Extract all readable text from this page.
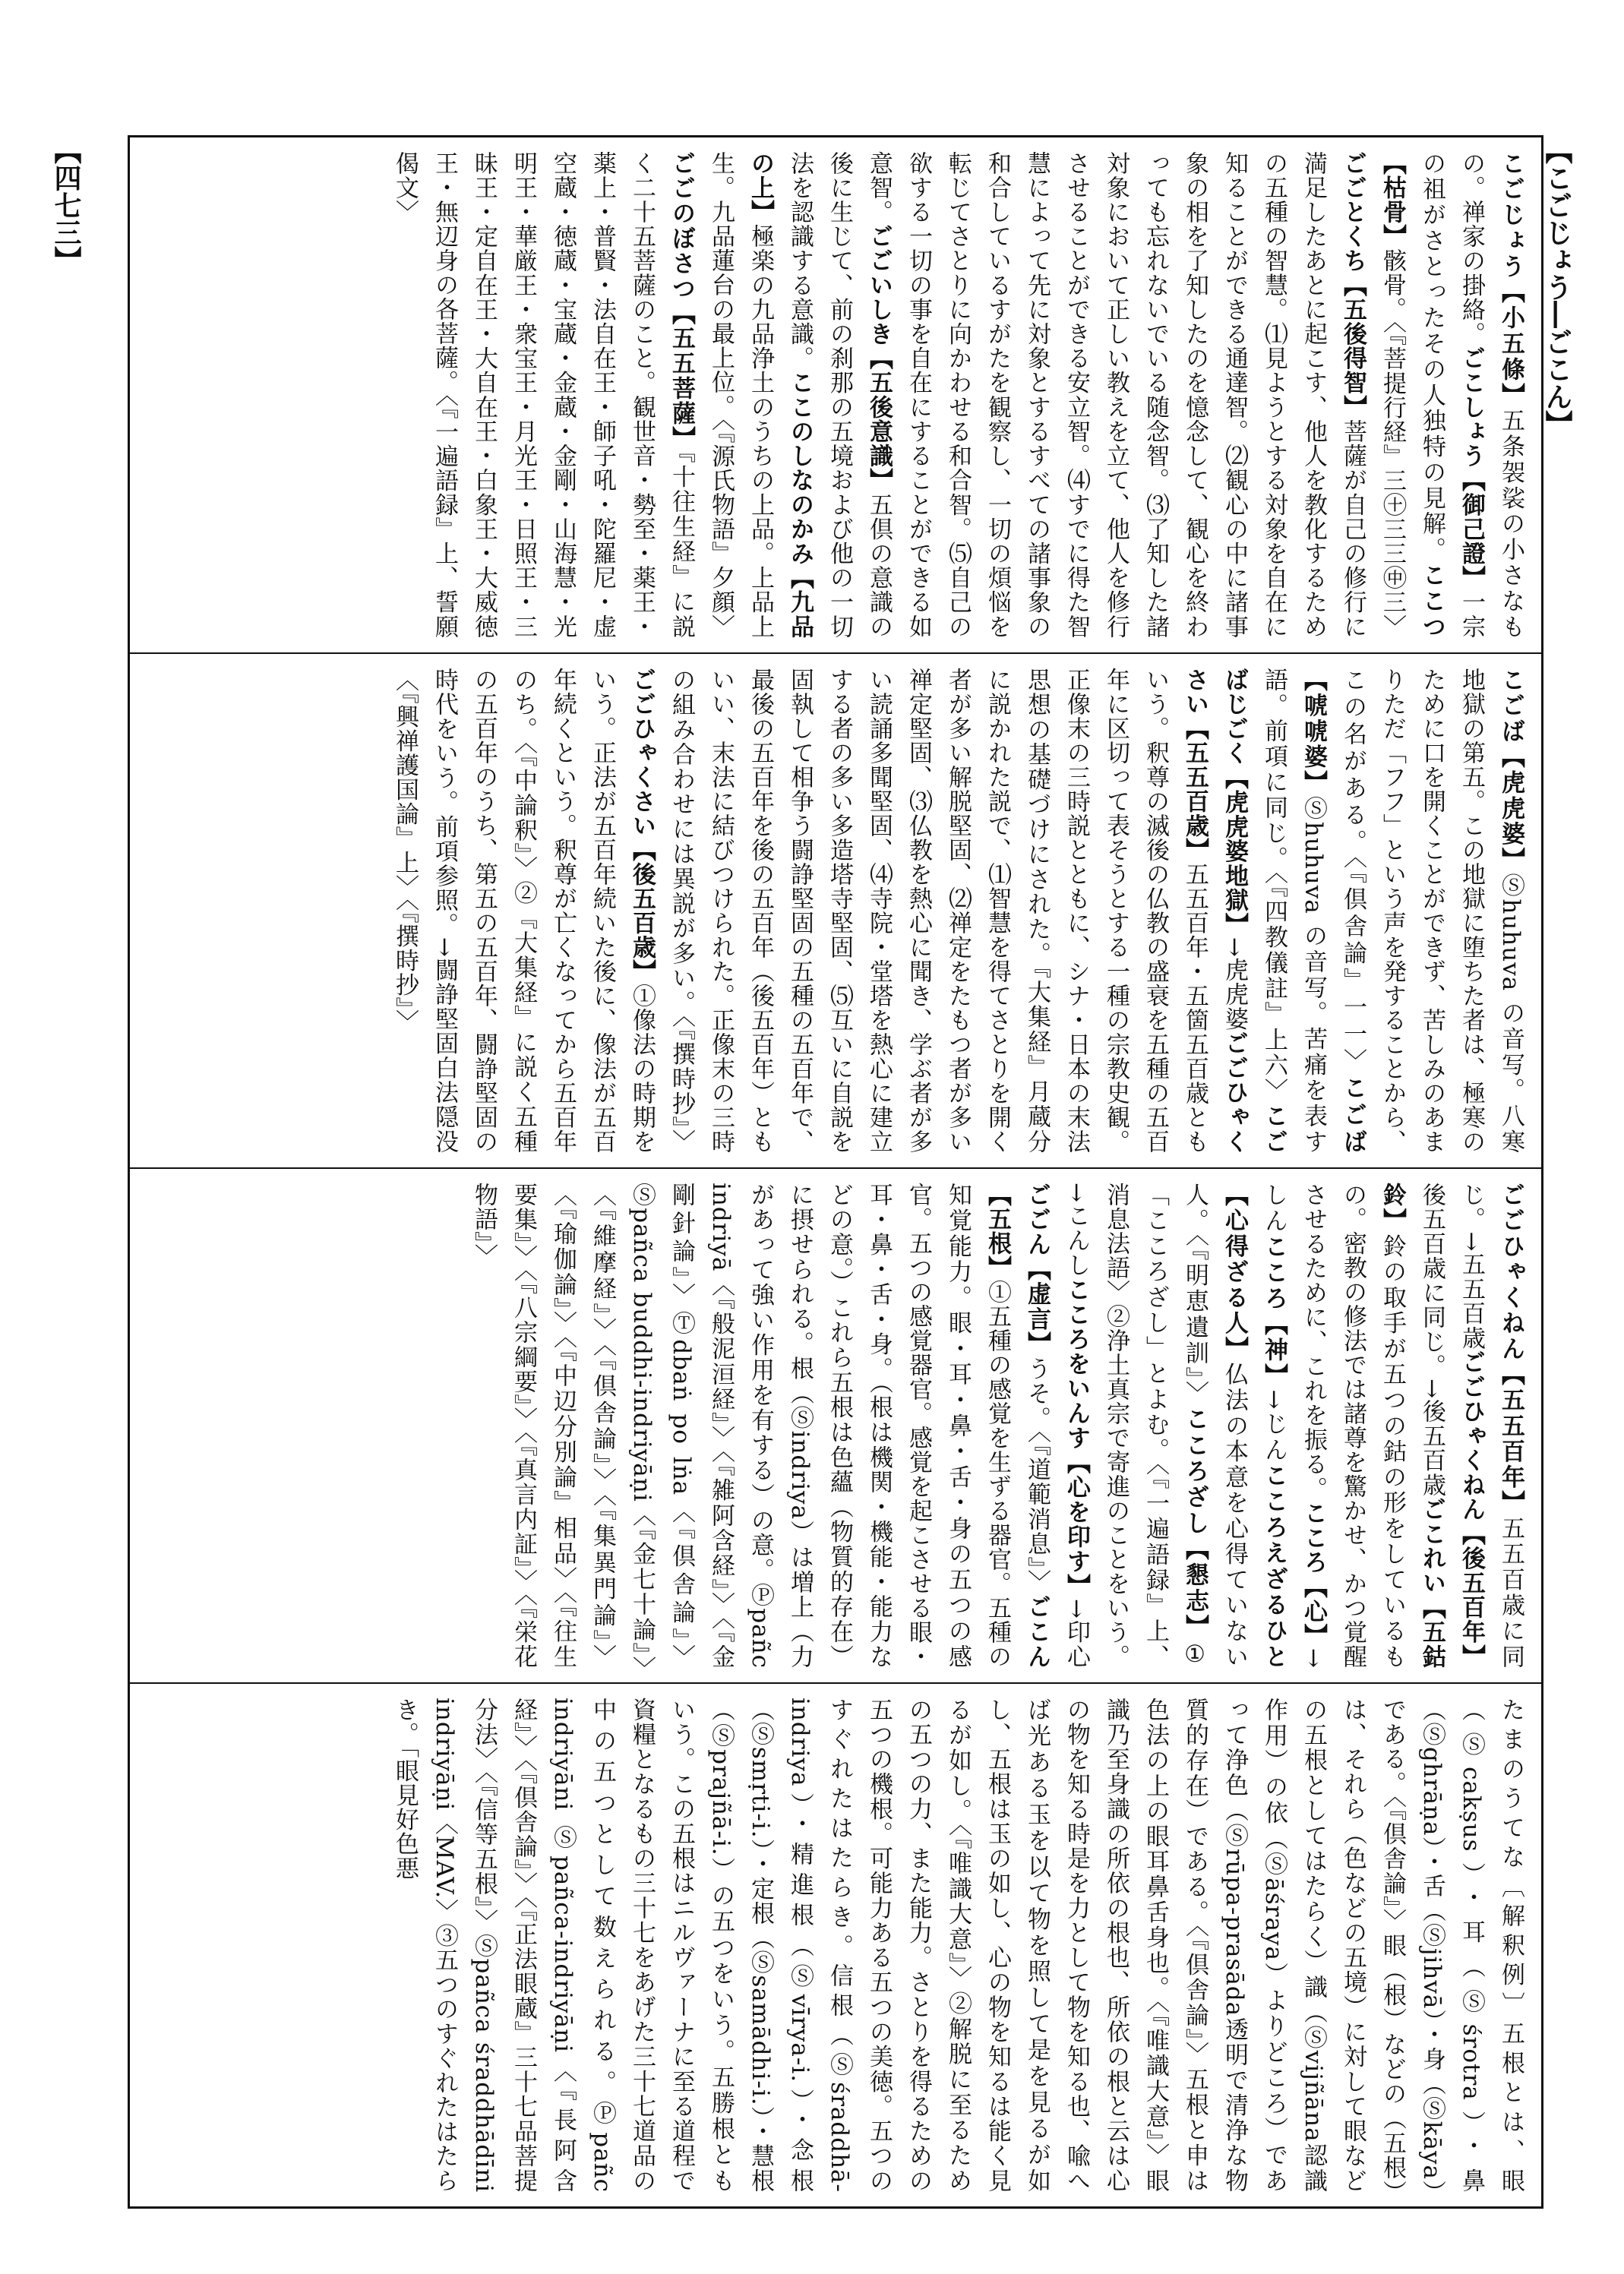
【こごじょう―ごこん】
【四七三】	こごじょう【小五條】五条袈裟の小さなもの。禅家の掛絡。ごこしょう【御己證】一宗の祖がさとったその人独特の見解。ここつ【枯骨】骸骨。〈『菩提行経』三㊉三三㊥三〉ごごとくち【五後得智】菩薩が自己の修行に満足したあとに起こす、他人を教化するための五種の智慧。⑴見ようとする対象を自在に知ることができる通達智。⑵観心の中に諸事象の相を了知したのを憶念して、観心を終わっても忘れないでいる随念智。⑶了知した諸対象において正しい教えを立て、他人を修行させることができる安立智。⑷すでに得た智慧によって先に対象とするすべての諸事象の和合しているすがたを観察し、一切の煩悩を転じてさとりに向かわせる和合智。⑸自己の欲する一切の事を自在にすることができる如意智。ごごいしき【五後意識】五倶の意識の後に生じて、前の刹那の五境および他の一切法を認識する意識。ここのしなのかみ【九品の上】極楽の九品浄土のうちの上品。上品上生。九品蓮台の最上位。〈『源氏物語』夕顔〉ごごのぼさつ【五五菩薩】『十往生経』に説く二十五菩薩のこと。観世音・勢至・薬王・薬上・普賢・法自在王・師子吼・陀羅尼・虚空蔵・徳蔵・宝蔵・金蔵・金剛・山海慧・光明王・華厳王・衆宝王・月光王・日照王・三昧王・定自在王・大自在王・白象王・大威徳王・無辺身の各菩薩。〈『一遍語録』上、誓願偈文〉
こごば【虎虎婆】Ⓢhuhuva の音写。八寒地獄の第五。この地獄に堕ちた者は、極寒のために口を開くことができず、苦しみのあまりただ「フフ」という声を発することから、この名がある。〈『倶舎論』一一〉こごば【唬唬婆】Ⓢhuhuva の音写。苦痛を表す語。前項に同じ。〈『四教儀註』上六〉こごばじごく【虎虎婆地獄】→虎虎婆ごごひゃくさい【五五百歳】五五百年・五箇五百歳ともいう。釈尊の滅後の仏教の盛衰を五種の五百年に区切って表そうとする一種の宗教史観。正像末の三時説とともに、シナ・日本の末法思想の基礎づけにされた。『大集経』月蔵分に説かれた説で、⑴智慧を得てさとりを開く者が多い解脱堅固、⑵禅定をたもつ者が多い禅定堅固、⑶仏教を熱心に聞き、学ぶ者が多い読誦多聞堅固、⑷寺院・堂塔を熱心に建立する者の多い多造塔寺堅固、⑸互いに自説を固執して相争う闘諍堅固の五種の五百年で、最後の五百年を後の五百年（後五百年）ともいい、末法に結びつけられた。正像末の三時の組み合わせには異説が多い。〈『撰時抄』〉ごごひゃくさい【後五百歳】①像法の時期をいう。正法が五百年続いた後に、像法が五百年続くという。釈尊が亡くなってから五百年のち。〈『中論釈』〉②『大集経』に説く五種の五百年のうち、第五の五百年、闘諍堅固の時代をいう。前項参照。→闘諍堅固白法隠没〈『興禅護国論』上〉〈『撰時抄』〉
ごごひゃくねん【五五百年】五五百歳に同じ。→五五百歳ごごひゃくねん【後五百年】後五百歳に同じ。→後五百歳ごこれい【五鈷鈴】鈴の取手が五つの鈷の形をしているもの。密教の修法では諸尊を驚かせ、かつ覚醒させるために、これを振る。こころ【心】→しんこころ【神】→じんこころえざるひと【心得ざる人】仏法の本意を心得ていない人。〈『明恵遺訓』〉こころざし【懇志】①「こころざし」とよむ。〈『一遍語録』上、消息法語〉②浄土真宗で寄進のことをいう。→こんしこころをいんす【心を印す】→印心ごごん【虚言】うそ。〈『道範消息』〉ごこん【五根】①五種の感覚を生ずる器官。五種の知覚能力。眼・耳・鼻・舌・身の五つの感官。五つの感覚器官。感覚を起こさせる眼・耳・鼻・舌・身。（根は機関・機能・能力などの意。）これら五根は色蘊（物質的存在）に摂せられる。根（Ⓢindriya）は増上（力があって強い作用を有する）の意。Ⓟpañc indriyā〈『般泥洹経』〉〈『雑阿含経』〉〈『金剛針論』〉Ⓣdbaṅ po lṅa〈『倶舎論』〉Ⓢpañca buddhi-indriyāṇi〈『金七十論』〉〈『維摩経』〉〈『倶舎論』〉〈『集異門論』〉〈『瑜伽論』〉〈『中辺分別論』相品〉〈『往生要集』〉〈『八宗綱要』〉〈『真言内証』〉〈『栄花物語』〉
たまのうてな〔解釈例〕五根とは、眼（Ⓢcakṣus）・耳（Ⓢśrotra）・鼻（Ⓢghrāṇa）・舌（Ⓢjihvā）・身（Ⓢkāya）である。〈『倶舎論』〉眼（根）などの（五根）は、それら（色などの五境）に対して眼などの五根としてはたらく）識（Ⓢvijñāna認識作用）の依（Ⓢāśraya）よりどころ）であって浄色（Ⓢrūpa-prasāda透明で清浄な物質的存在）である。〈『倶舎論』〉五根と申は色法の上の眼耳鼻舌身也。〈『唯識大意』〉眼識乃至身識の所依の根也、所依の根と云は心の物を知る時是を力として物を知る也、喩へば光ある玉を以て物を照して是を見るが如し、五根は玉の如し、心の物を知るは能く見るが如し。〈『唯識大意』〉②解脱に至るための五つの力、また能力。さとりを得るための五つの機根。可能力ある五つの美徳。五つのすぐれたはたらき。信根（Ⓢśraddhā-indriya）・精進根（Ⓢvīrya-i.）・念根（Ⓢsmṛti-i.）・定根（Ⓢsamādhi-i.）・慧根（Ⓢprajñā-i.）の五つをいう。五勝根ともいう。この五根はニルヴァーナに至る道程で資糧となるもの三十七をあげた三十七道品の中の五つとして数えられる。Ⓟpañc indriyāni Ⓢpañca-indriyāṇi〈『長阿含経』〉〈『倶舎論』〉〈『正法眼蔵』三十七品菩提分法〉〈『信等五根』〉Ⓢpañca śraddhādīni indriyāṇi〈MAV.〉③五つのすぐれたはたらき。「眼見好色悪
